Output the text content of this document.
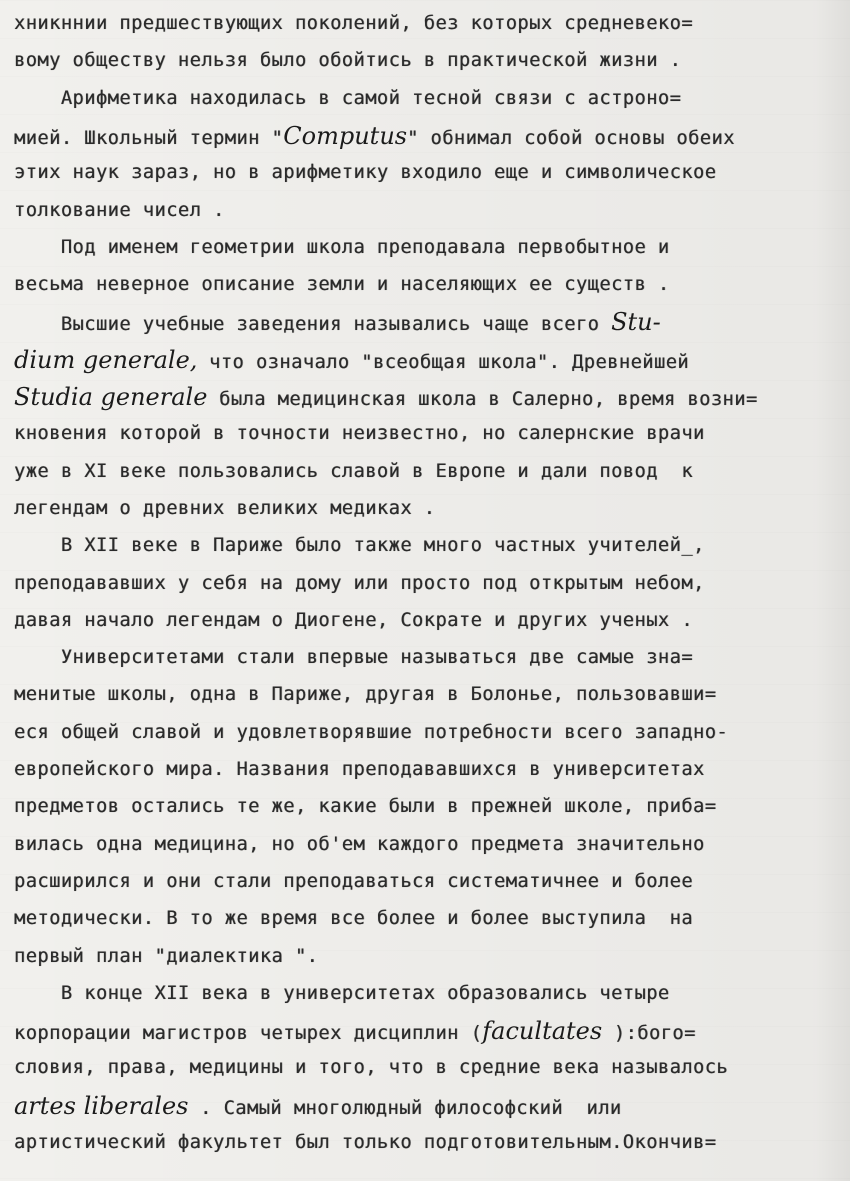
хникннии предшествующих поколений, без которых средневеко=
вому обществу нельзя было обойтись в практической жизни .
Арифметика находилась в самой тесной связи с астроно=
мией. Школьный термин "Computus" обнимал собой основы обеих
этих наук зараз, но в арифметику входило еще и символическое
толкование чисел .
Под именем геометрии школа преподавала первобытное и
весьма неверное описание земли и населяющих ее существ .
Высшие учебные заведения назывались чаще всего Stu-
dium generale, что означало "всеобщая школа". Древнейшей
Studia generale была медицинская школа в Салерно, время возни=
кновения которой в точности неизвестно, но салернские врачи
уже в XI веке пользовались славой в Европе и дали повод  к
легендам о древних великих медиках .
В XII веке в Париже было также много частных учителей_,
преподававших у себя на дому или просто под открытым небом,
давая начало легендам о Диогене, Сократе и других ученых .
Университетами стали впервые называться две самые зна=
менитые школы, одна в Париже, другая в Болонье, пользовавши=
еся общей славой и удовлетворявшие потребности всего западно-
европейского мира. Названия преподававшихся в университетах
предметов остались те же, какие были в прежней школе, приба=
вилась одна медицина, но об'ем каждого предмета значительно
расширился и они стали преподаваться систематичнее и более
методически. В то же время все более и более выступила  на
первый план "диалектика ".
В конце XII века в университетах образовались четыре
корпорации магистров четырех дисциплин (facultates ):бого=
словия, права, медицины и того, что в средние века называлось
artes liberales . Самый многолюдный философский  или
артистический факультет был только подготовительным.Окончив=
